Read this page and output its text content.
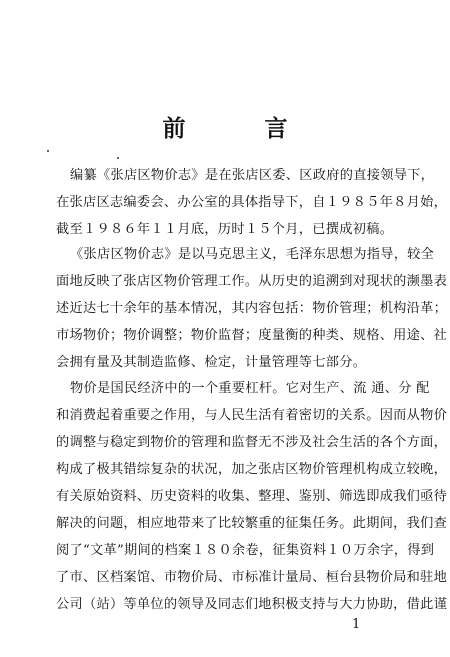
前　言
编纂《张店区物价志》是在张店区委、区政府的直接领导下，
在张店区志编委会、办公室的具体指导下，自１９８５年８月始，
截至１９８６年１１月底，历时１５个月，已撰成初稿。
《张店区物价志》是以马克思主义，毛泽东思想为指导，较全
面地反映了张店区物价管理工作。从历史的追溯到对现状的濒墨表
述近达七十余年的基本情况，其内容包括：物价管理；机构沿革；
市场物价；物价调整；物价监督；度量衡的种类、规格、用途、社
会拥有量及其制造监修、检定，计量管理等七部分。
物价是国民经济中的一个重要杠杆。它对生产、流 通、分 配
和消费起着重要之作用，与人民生活有着密切的关系。因而从物价
的调整与稳定到物价的管理和监督无不涉及社会生活的各个方面，
构成了极其错综复杂的状况，加之张店区物价管理机构成立较晚，
有关原始资料、历史资料的收集、整理、鉴别、筛选即成我们亟待
解决的问题，相应地带来了比较繁重的征集任务。此期间，我们查
阅了“文革”期间的档案１８０余卷，征集资料１０万余字，得到
了市、区档案馆、市物价局、市标准计量局、桓台县物价局和驻地
公司（站）等单位的领导及同志们地积极支持与大力协助，借此谨
1
